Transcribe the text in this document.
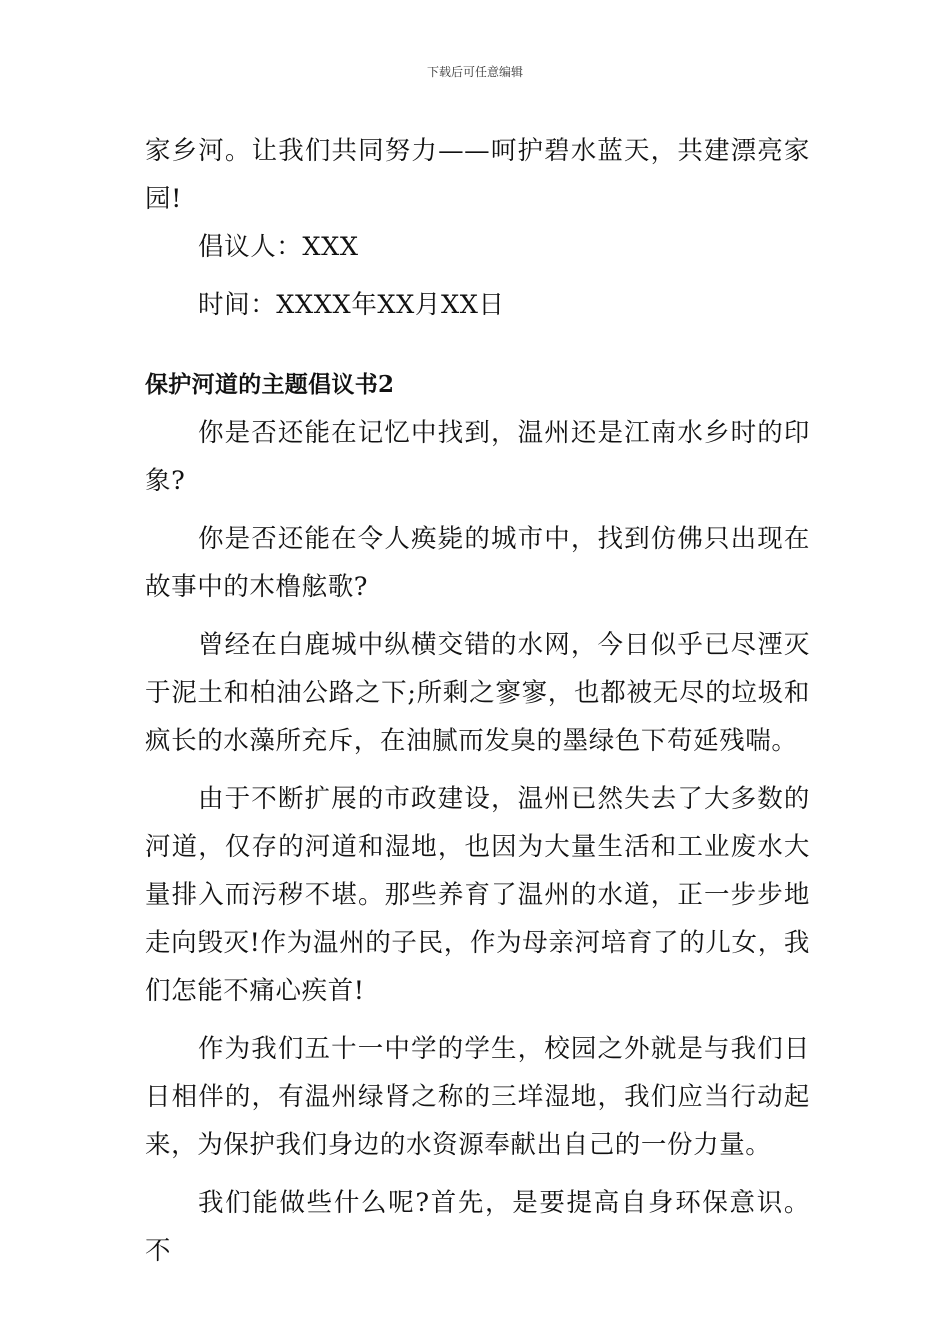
下载后可任意编辑

家乡河。让我们共同努力——呵护碧水蓝天，共建漂亮家园!

倡议人：XXX

时间：XXXX年XX月XX日

保护河道的主题倡议书2

你是否还能在记忆中找到，温州还是江南水乡时的印象?

你是否还能在令人痪毙的城市中，找到仿佛只出现在故事中的木橹舷歌?

曾经在白鹿城中纵横交错的水网，今日似乎已尽湮灭于泥土和柏油公路之下;所剩之寥寥，也都被无尽的垃圾和疯长的水藻所充斥，在油腻而发臭的墨绿色下苟延残喘。

由于不断扩展的市政建设，温州已然失去了大多数的河道，仅存的河道和湿地，也因为大量生活和工业废水大量排入而污秽不堪。那些养育了温州的水道，正一步步地走向毁灭!作为温州的子民，作为母亲河培育了的儿女，我们怎能不痛心疾首!

作为我们五十一中学的学生，校园之外就是与我们日日相伴的，有温州绿肾之称的三垟湿地，我们应当行动起来，为保护我们身边的水资源奉献出自己的一份力量。

我们能做些什么呢?首先，是要提高自身环保意识。不
